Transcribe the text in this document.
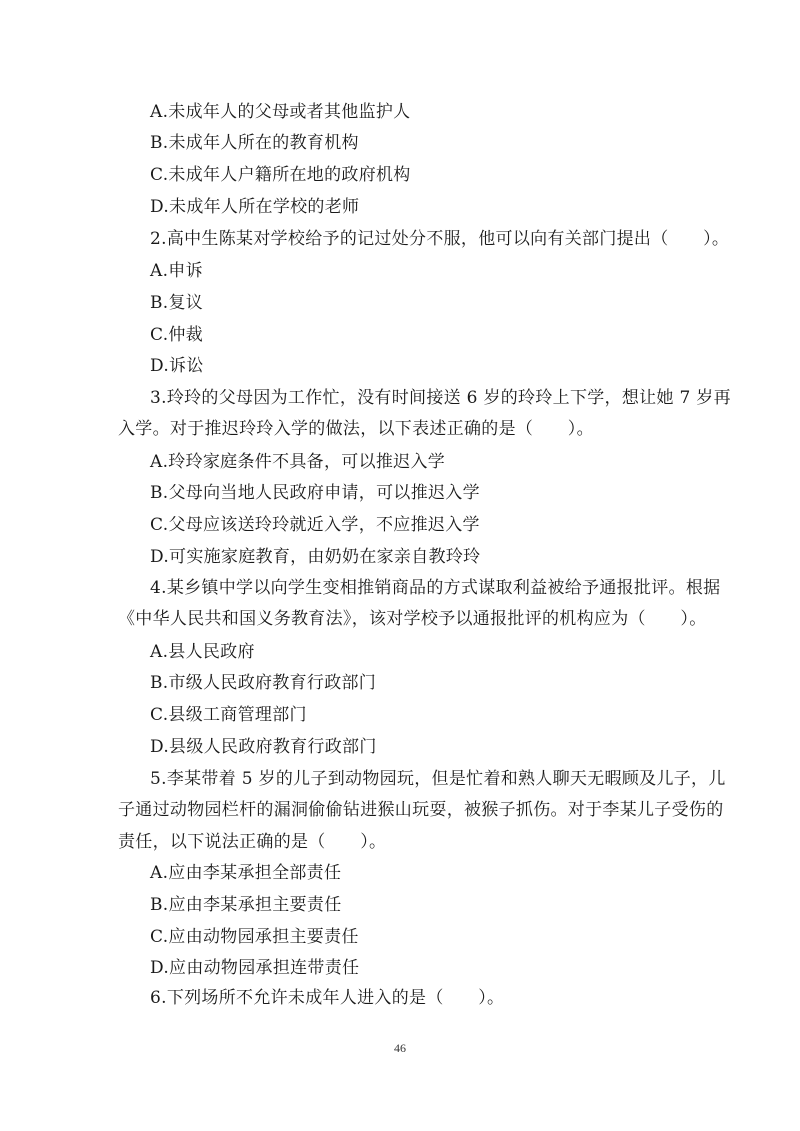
A.未成年人的父母或者其他监护人
B.未成年人所在的教育机构
C.未成年人户籍所在地的政府机构
D.未成年人所在学校的老师
2.高中生陈某对学校给予的记过处分不服，他可以向有关部门提出（　　）。
A.申诉
B.复议
C.仲裁
D.诉讼
3.玲玲的父母因为工作忙，没有时间接送 6 岁的玲玲上下学，想让她 7 岁再
入学。对于推迟玲玲入学的做法，以下表述正确的是（　　）。
A.玲玲家庭条件不具备，可以推迟入学
B.父母向当地人民政府申请，可以推迟入学
C.父母应该送玲玲就近入学，不应推迟入学
D.可实施家庭教育，由奶奶在家亲自教玲玲
4.某乡镇中学以向学生变相推销商品的方式谋取利益被给予通报批评。根据
《中华人民共和国义务教育法》，该对学校予以通报批评的机构应为（　　）。
A.县人民政府
B.市级人民政府教育行政部门
C.县级工商管理部门
D.县级人民政府教育行政部门
5.李某带着 5 岁的儿子到动物园玩，但是忙着和熟人聊天无暇顾及儿子，儿
子通过动物园栏杆的漏洞偷偷钻进猴山玩耍，被猴子抓伤。对于李某儿子受伤的
责任，以下说法正确的是（　　）。
A.应由李某承担全部责任
B.应由李某承担主要责任
C.应由动物园承担主要责任
D.应由动物园承担连带责任
6.下列场所不允许未成年人进入的是（　　）。
46
